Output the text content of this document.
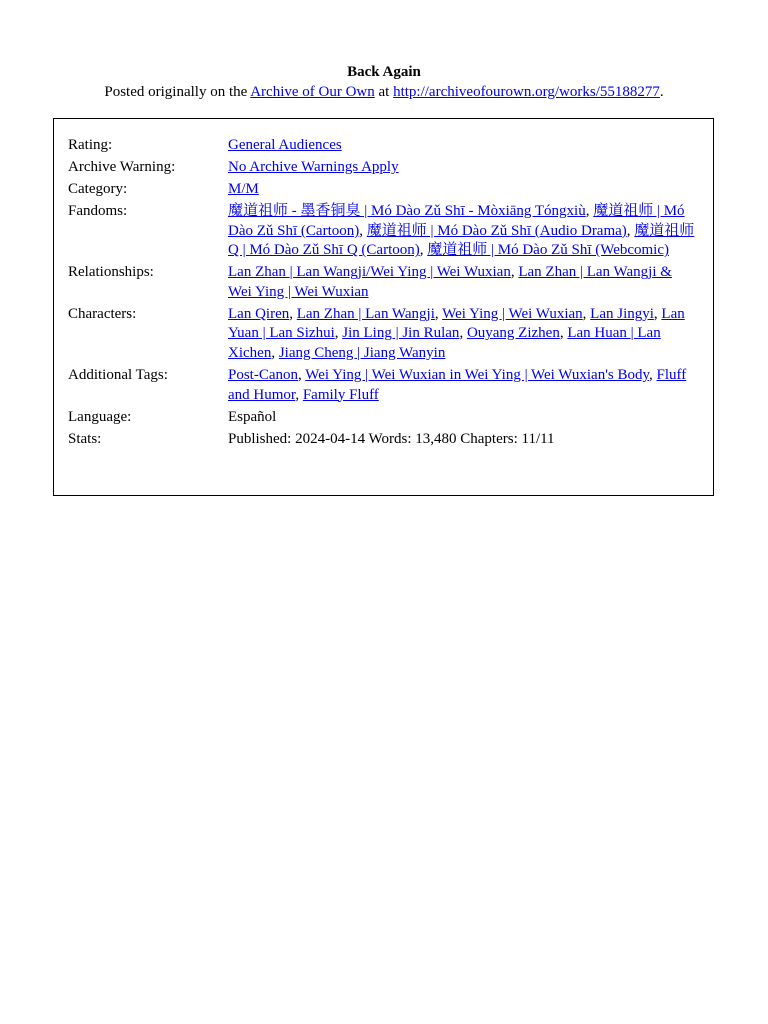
Back Again
Posted originally on the Archive of Our Own at http://archiveofourown.org/works/55188277.
Rating:	General Audiences
Archive Warning:	No Archive Warnings Apply
Category:	M/M
Fandoms:	魔道祖师 - 墨香铜臭 | Mó Dào Zǔ Shī - Mòxiāng Tóngxiù, 魔道祖师 | Mó Dào Zǔ Shī (Cartoon), 魔道祖师 | Mó Dào Zǔ Shī (Audio Drama), 魔道祖师Q | Mó Dào Zǔ Shī Q (Cartoon), 魔道祖师 | Mó Dào Zǔ Shī (Webcomic)
Relationships:	Lan Zhan | Lan Wangji/Wei Ying | Wei Wuxian, Lan Zhan | Lan Wangji & Wei Ying | Wei Wuxian
Characters:	Lan Qiren, Lan Zhan | Lan Wangji, Wei Ying | Wei Wuxian, Lan Jingyi, Lan Yuan | Lan Sizhui, Jin Ling | Jin Rulan, Ouyang Zizhen, Lan Huan | Lan Xichen, Jiang Cheng | Jiang Wanyin
Additional Tags:	Post-Canon, Wei Ying | Wei Wuxian in Wei Ying | Wei Wuxian's Body, Fluff and Humor, Family Fluff
Language:	Español
Stats:	Published: 2024-04-14 Words: 13,480 Chapters: 11/11
